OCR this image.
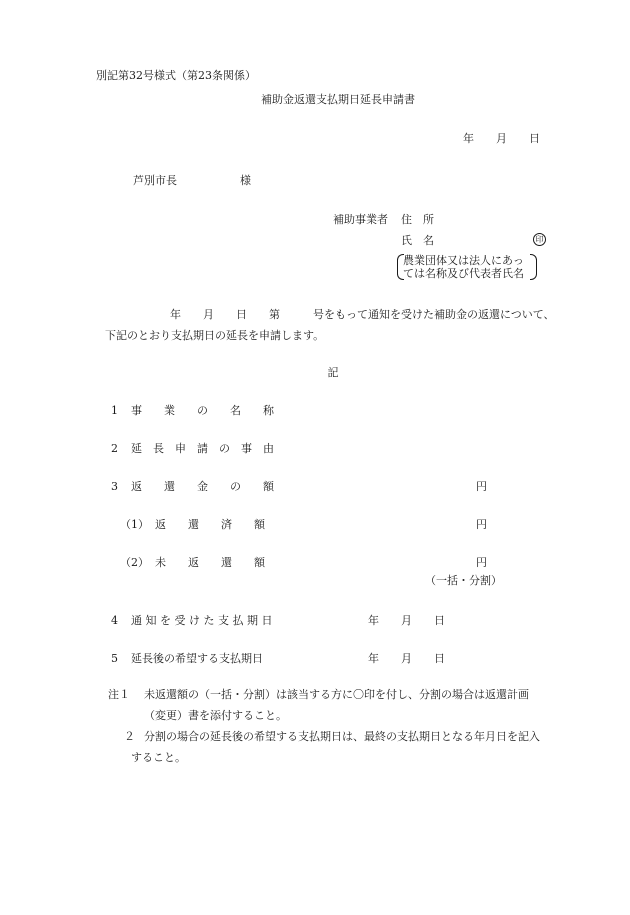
別記第32号様式（第23条関係）
補助金返還支払期日延長申請書
年　　月　　日
芦別市長	様
補助事業者 住　所
氏　名	印
農業団体又は法人にあっ
ては名称及び代表者氏名
年　　月　　日　　第　　　号をもって通知を受けた補助金の返還について、
下記のとおり支払期日の延長を申請します。
記
1 事　　業　　の　　名　　称
2 延　長　申　請　の　事　由
3 返　　還　　金　　の　　額	円
（1） 返　　還　　済　　額	円
（2） 未　　返　　還　　額	円
（一括・分割）
4 通 知 を 受 け た 支 払 期 日	年　　月　　日
5 延長後の希望する支払期日	年　　月　　日
注１ 未返還額の（一括・分割）は該当する方に〇印を付し、分割の場合は返還計画
（変更）書を添付すること。
２ 分割の場合の延長後の希望する支払期日は、最終の支払期日となる年月日を記入
すること。
